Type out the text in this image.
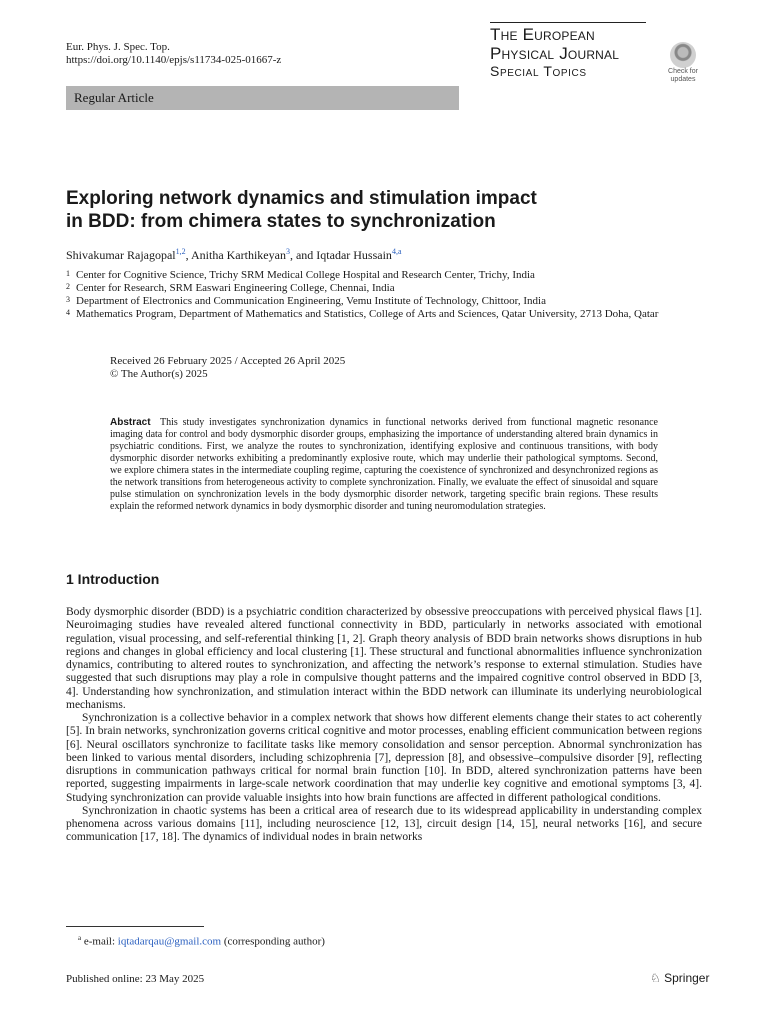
Eur. Phys. J. Spec. Top.
https://doi.org/10.1140/epjs/s11734-025-01667-z
The European
Physical Journal
Special Topics	Check for updates
Regular Article
Exploring network dynamics and stimulation impact
in BDD: from chimera states to synchronization
Shivakumar Rajagopal$^{1,2}$, Anitha Karthikeyan$^3$, and Iqtadar Hussain$^{4,a}$
1 Center for Cognitive Science, Trichy SRM Medical College Hospital and Research Center, Trichy, India
2 Center for Research, SRM Easwari Engineering College, Chennai, India
3 Department of Electronics and Communication Engineering, Vemu Institute of Technology, Chittoor, India
4 Mathematics Program, Department of Mathematics and Statistics, College of Arts and Sciences, Qatar University, 2713 Doha, Qatar
Received 26 February 2025 / Accepted 26 April 2025
© The Author(s) 2025
Abstract This study investigates synchronization dynamics in functional networks derived from functional magnetic resonance imaging data for control and body dysmorphic disorder groups, emphasizing the importance of understanding altered brain dynamics in psychiatric conditions. First, we analyze the routes to synchronization, identifying explosive and continuous transitions, with body dysmorphic disorder networks exhibiting a predominantly explosive route, which may underlie their pathological symptoms. Second, we explore chimera states in the intermediate coupling regime, capturing the coexistence of synchronized and desynchronized regions as the network transitions from heterogeneous activity to complete synchronization. Finally, we evaluate the effect of sinusoidal and square pulse stimulation on synchronization levels in the body dysmorphic disorder network, targeting specific brain regions. These results explain the reformed network dynamics in body dysmorphic disorder and tuning neuromodulation strategies.
1 Introduction

Body dysmorphic disorder (BDD) is a psychiatric condition characterized by obsessive preoccupations with perceived physical flaws [1]. Neuroimaging studies have revealed altered functional connectivity in BDD, particularly in networks associated with emotional regulation, visual processing, and self-referential thinking [1, 2]. Graph theory analysis of BDD brain networks shows disruptions in hub regions and changes in global efficiency and local clustering [1]. These structural and functional abnormalities influence synchronization dynamics, contributing to altered routes to synchronization, and affecting the network’s response to external stimulation. Studies have suggested that such disruptions may play a role in compulsive thought patterns and the impaired cognitive control observed in BDD [3, 4]. Understanding how synchronization, and stimulation interact within the BDD network can illuminate its underlying neurobiological mechanisms.

Synchronization is a collective behavior in a complex network that shows how different elements change their states to act coherently [5]. In brain networks, synchronization governs critical cognitive and motor processes, enabling efficient communication between regions [6]. Neural oscillators synchronize to facilitate tasks like memory consolidation and sensor perception. Abnormal synchronization has been linked to various mental disorders, including schizophrenia [7], depression [8], and obsessive–compulsive disorder [9], reflecting disruptions in communication pathways critical for normal brain function [10]. In BDD, altered synchronization patterns have been reported, suggesting impairments in large-scale network coordination that may underlie key cognitive and emotional symptoms [3, 4]. Studying synchronization can provide valuable insights into how brain functions are affected in different pathological conditions.

Synchronization in chaotic systems has been a critical area of research due to its widespread applicability in understanding complex phenomena across various domains [11], including neuroscience [12, 13], circuit design [14, 15], neural networks [16], and secure communication [17, 18]. The dynamics of individual nodes in brain networks

$^a$ e-mail: iqtadarqau@gmail.com (corresponding author)
Published online: 23 May 2025	♘ Springer
